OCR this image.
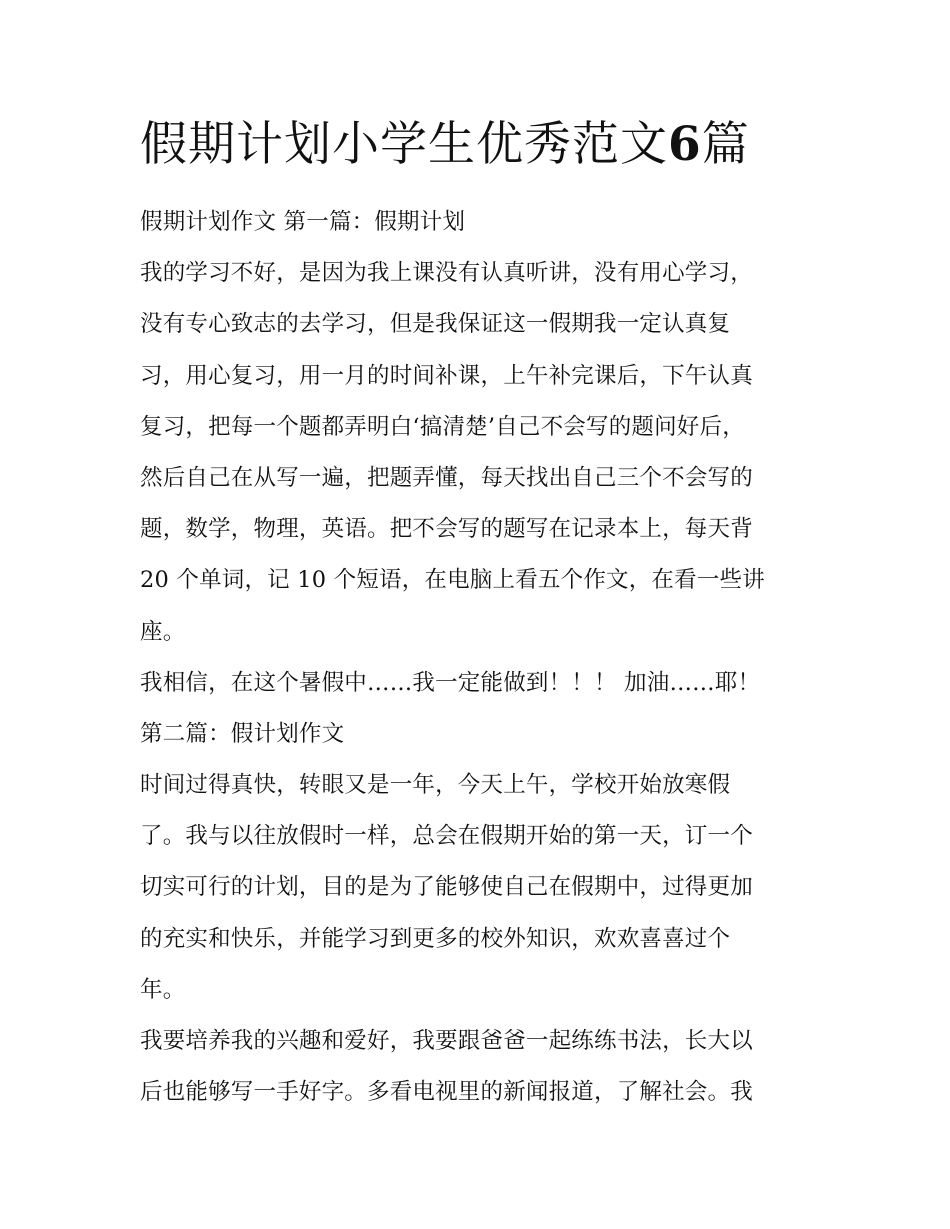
假期计划小学生优秀范文6篇
假期计划作文 第一篇：假期计划
我的学习不好，是因为我上课没有认真听讲，没有用心学习，
没有专心致志的去学习，但是我保证这一假期我一定认真复
习，用心复习，用一月的时间补课，上午补完课后，下午认真
复习，把每一个题都弄明白‘搞清楚’自己不会写的题问好后，
然后自己在从写一遍，把题弄懂，每天找出自己三个不会写的
题，数学，物理，英语。把不会写的题写在记录本上，每天背
20 个单词，记 10 个短语，在电脑上看五个作文，在看一些讲
座。
我相信，在这个暑假中……我一定能做到！！！ 加油……耶！
第二篇：假计划作文
时间过得真快，转眼又是一年，今天上午，学校开始放寒假
了。我与以往放假时一样，总会在假期开始的第一天，订一个
切实可行的计划，目的是为了能够使自己在假期中，过得更加
的充实和快乐，并能学习到更多的校外知识，欢欢喜喜过个
年。
我要培养我的兴趣和爱好，我要跟爸爸一起练练书法，长大以
后也能够写一手好字。多看电视里的新闻报道，了解社会。我
